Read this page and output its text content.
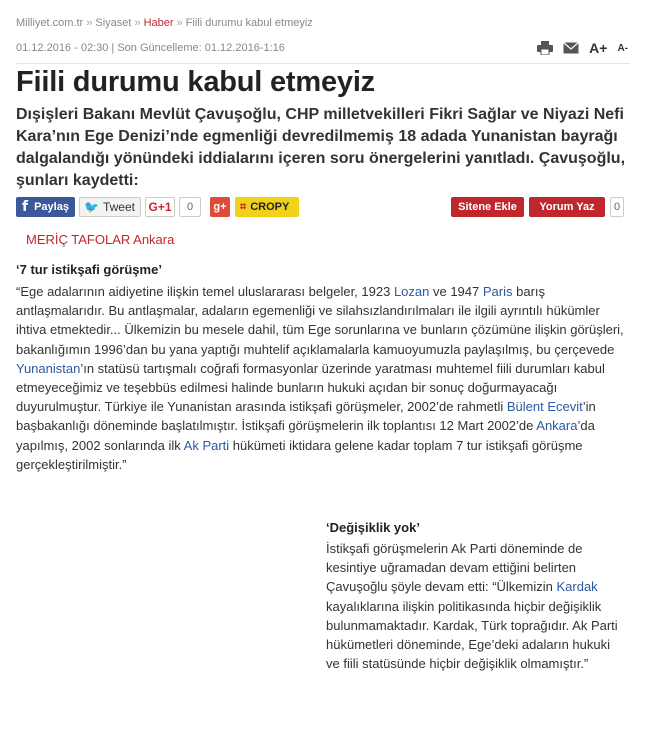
Milliyet.com.tr » Siyaset » Haber » Fiili durumu kabul etmeyiz
01.12.2016 - 02:30 | Son Güncelleme: 01.12.2016-1:16	A+ A-
Fiili durumu kabul etmeyiz

Dışişleri Bakanı Mevlüt Çavuşoğlu, CHP milletvekilleri Fikri Sağlar ve Niyazi Nefi Kara’nın Ege Denizi’nde egmenliği devredilmemiş 18 adada Yunanistan bayrağı dalgalandığı yönündeki iddialarını içeren soru önergelerini yanıtladı. Çavuşoğlu, şunları kaydetti:

f Paylaş 🐦 Tweet G+1	0	g+	⌗ CROPY	Sitene Ekle	Yorum Yaz	0
MERİÇ TAFOLAR Ankara
‘7 tur istikşafi görüşme’

“Ege adalarının aidiyetine ilişkin temel uluslararası belgeler, 1923 Lozan ve 1947 Paris barış antlaşmalarıdır. Bu antlaşmalar, adaların egemenliği ve silahsızlandırılmaları ile ilgili ayrıntılı hükümler ihtiva etmektedir... Ülkemizin bu mesele dahil, tüm Ege sorunlarına ve bunların çözümüne ilişkin görüşleri, bakanlığımın 1996’dan bu yana yaptığı muhtelif açıklamalarla kamuoyumuzla paylaşılmış, bu çerçevede Yunanistan’ın statüsü tartışmalı coğrafi formasyonlar üzerinde yaratması muhtemel fiili durumları kabul etmeyeceğimiz ve teşebbüs edilmesi halinde bunların hukuki açıdan bir sonuç doğurmayacağı duyurulmuştur. Türkiye ile Yunanistan arasında istikşafi görüşmeler, 2002’de rahmetli Bülent Ecevit’in başbakanlığı döneminde başlatılmıştır. İstikşafi görüşmelerin ilk toplantısı 12 Mart 2002’de Ankara’da yapılmış, 2002 sonlarında ilk Ak Parti hükümeti iktidara gelene kadar toplam 7 tur istikşafi görüşme gerçekleştirilmiştir.”

‘Değişiklik yok’

İstikşafi görüşmelerin Ak Parti döneminde de kesintiye uğramadan devam ettiğini belirten Çavuşoğlu şöyle devam etti: “Ülkemizin Kardak kayalıklarına ilişkin politikasında hiçbir değişiklik bulunmamaktadır. Kardak, Türk toprağıdır. Ak Parti hükümetleri döneminde, Ege’deki adaların hukuki ve fiili statüsünde hiçbir değişiklik olmamıştır.”
